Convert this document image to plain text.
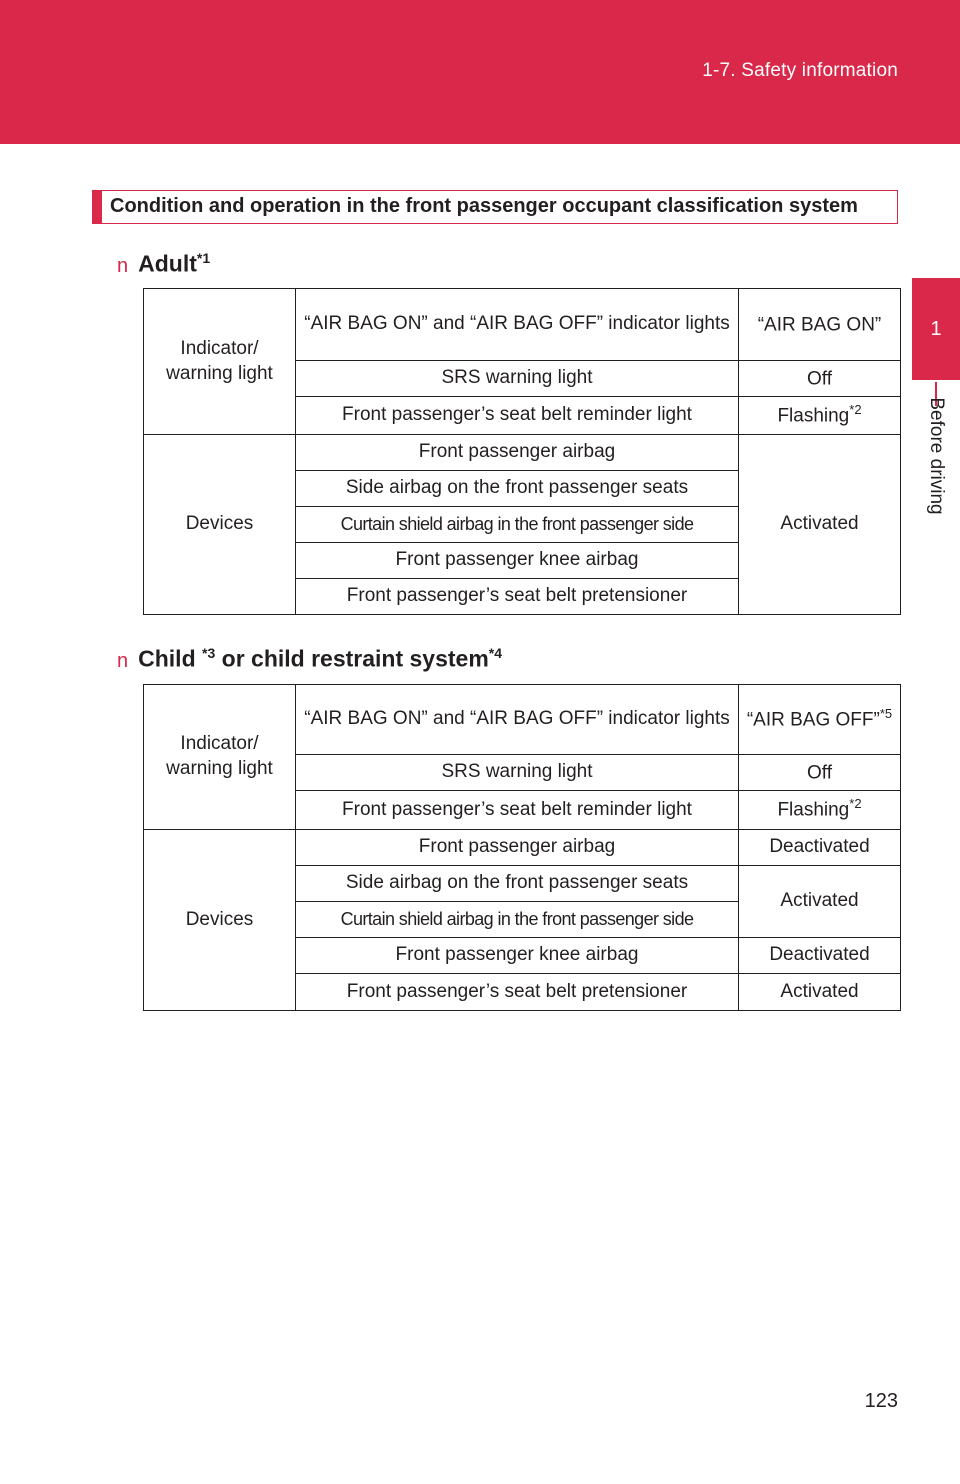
1-7. Safety information
1
Before driving
Condition and operation in the front passenger occupant classification system
n Adult$^{*1}$
Indicator/ warning light	“AIR BAG ON” and “AIR BAG OFF” indicator lights	“AIR BAG ON”
	SRS warning light	Off
	Front passenger’s seat belt reminder light	Flashing$^{*2}$
Devices	Front passenger airbag	Activated
	Side airbag on the front passenger seats	
	Curtain shield airbag in the front passenger side	
	Front passenger knee airbag	
	Front passenger’s seat belt pretensioner	
n Child $^{*3}$ or child restraint system$^{*4}$
Indicator/ warning light	“AIR BAG ON” and “AIR BAG OFF” indicator lights	“AIR BAG OFF”$^{*5}$
	SRS warning light	Off
	Front passenger’s seat belt reminder light	Flashing$^{*2}$
Devices	Front passenger airbag	Deactivated
	Side airbag on the front passenger seats	Activated
	Curtain shield airbag in the front passenger side	
	Front passenger knee airbag	Deactivated
	Front passenger’s seat belt pretensioner	Activated
123
